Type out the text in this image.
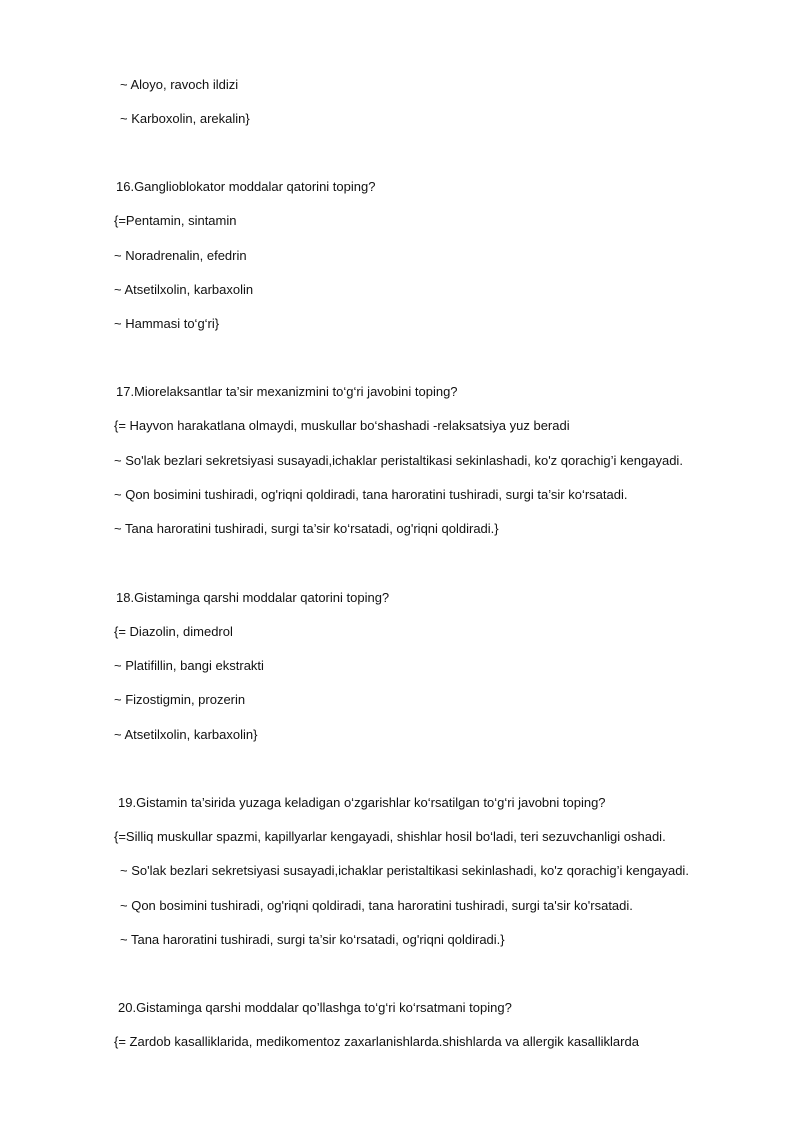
~ Aloyo, ravoch ildizi
~ Karboxolin, arekalin}
16.Ganglioblokator moddalar qatorini toping?
{=Pentamin, sintamin
~ Noradrenalin, efedrin
~ Atsetilxolin, karbaxolin
~ Hammasi to‘g‘ri}
17.Miorelaksantlar ta’sir mexanizmini to‘g‘ri javobini toping?
{= Hayvon harakatlana olmaydi, muskullar bo‘shashadi -relaksatsiya yuz beradi
~ So'lak bezlari sekretsiyasi susayadi,ichaklar peristaltikasi sekinlashadi, ko'z qorachig’i kengayadi.
~ Qon bosimini tushiradi, og'riqni qoldiradi, tana haroratini tushiradi, surgi ta’sir ko‘rsatadi.
~ Tana haroratini tushiradi, surgi ta’sir ko‘rsatadi, og'riqni qoldiradi.}
18.Gistaminga qarshi moddalar qatorini toping?
{= Diazolin, dimedrol
~ Platifillin, bangi ekstrakti
~ Fizostigmin, prozerin
~ Atsetilxolin, karbaxolin}
19.Gistamin ta’sirida yuzaga keladigan o‘zgarishlar ko‘rsatilgan to‘g‘ri javobni toping?
{=Silliq muskullar spazmi, kapillyarlar kengayadi, shishlar hosil bo‘ladi, teri sezuvchanligi oshadi.
~ So'lak bezlari sekretsiyasi susayadi,ichaklar peristaltikasi sekinlashadi, ko'z qorachig’i kengayadi.
~ Qon bosimini tushiradi, og'riqni qoldiradi, tana haroratini tushiradi, surgi ta'sir ko'rsatadi.
~ Tana haroratini tushiradi, surgi ta’sir ko‘rsatadi, og'riqni qoldiradi.}
20.Gistaminga qarshi moddalar qo’llashga to‘g‘ri ko‘rsatmani toping?
{= Zardob kasalliklarida, medikomentoz zaxarlanishlarda.shishlarda va allergik kasalliklarda
